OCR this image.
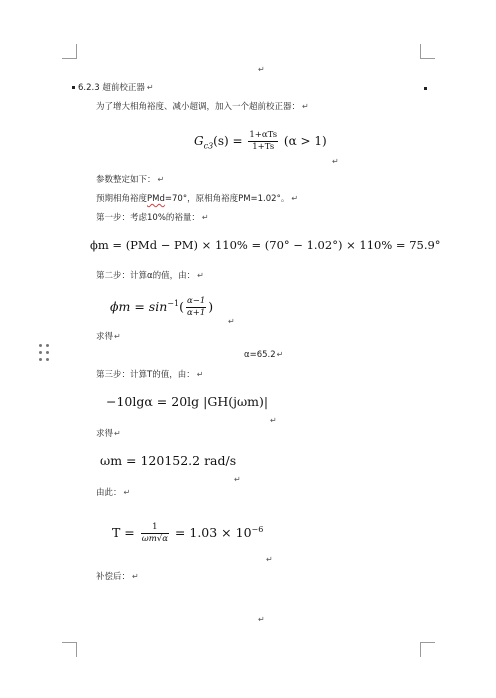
↵
↵
6.2.3 超前校正器 ↵
为了增大相角裕度、减小超调，加入一个超前校正器： ↵
$G_{c3}(s) = \frac{\text{1+αTs}}{1+Ts} (\alpha > 1)$
↵
参数整定如下： ↵
预期相角裕度PMd=70°，原相角裕度PM=1.02°。 ↵
第一步：考虑10%的裕量： ↵
ϕm = (PMd − PM) × 110% = (70° − 1.02°) × 110% = 75.9°
第二步：计算α的值，由： ↵
$\phi m = \sin^{-1}( \frac{\alpha-1}{\alpha+1}$ )
↵
求得↵
α=65.2↵
第三步：计算T的值，由： ↵
−10lgα = 20lg |GH(jωm)|
↵
求得↵
ωm = 120152.2 rad/s
↵
由此： ↵
$T = \frac{1}{\omega m√\alpha} = 1.03 \times 10^{-6}$
↵
补偿后： ↵
